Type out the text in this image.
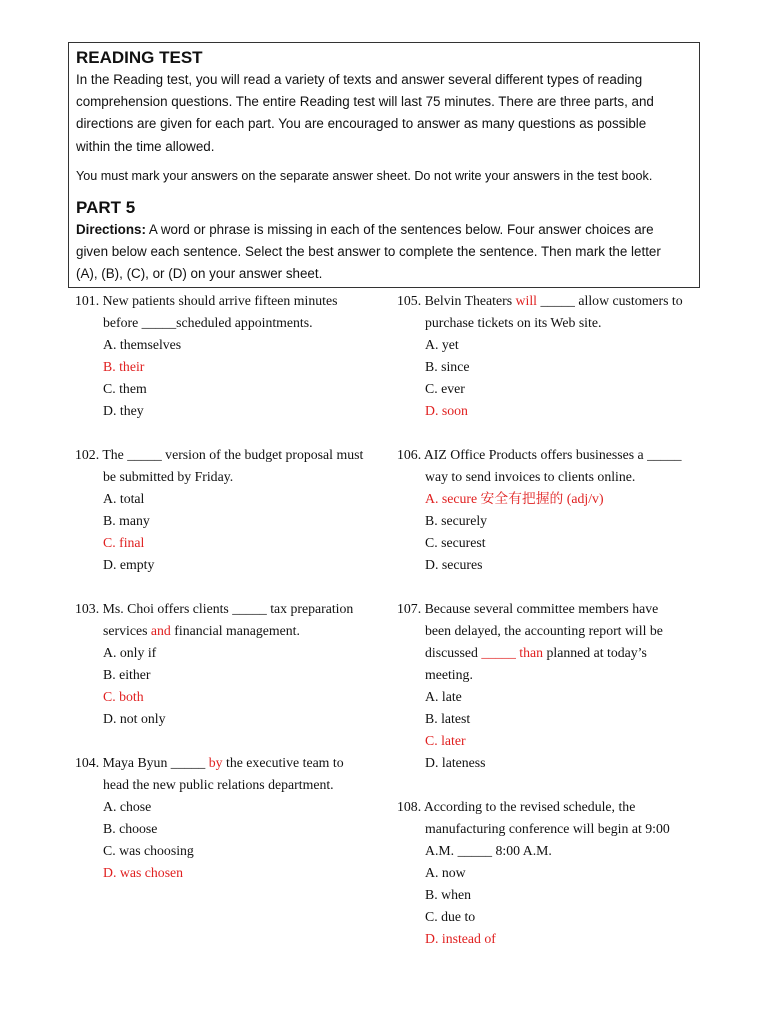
READING TEST
In the Reading test, you will read a variety of texts and answer several different types of reading
comprehension questions. The entire Reading test will last 75 minutes. There are three parts, and
directions are given for each part. You are encouraged to answer as many questions as possible
within the time allowed.
You must mark your answers on the separate answer sheet. Do not write your answers in the test book.
PART 5
Directions: A word or phrase is missing in each of the sentences below. Four answer choices are
given below each sentence. Select the best answer to complete the sentence. Then mark the letter
(A), (B), (C), or (D) on your answer sheet.
101. New patients should arrive fifteen minutes
before _____scheduled appointments.
A. themselves
B. their
C. them
D. they
102. The _____ version of the budget proposal must
be submitted by Friday.
A. total
B. many
C. final
D. empty
103. Ms. Choi offers clients _____ tax preparation
services and financial management.
A. only if
B. either
C. both
D. not only
104. Maya Byun _____ by the executive team to
head the new public relations department.
A. chose
B. choose
C. was choosing
D. was chosen
105. Belvin Theaters will _____ allow customers to
purchase tickets on its Web site.
A. yet
B. since
C. ever
D. soon
106. AIZ Office Products offers businesses a _____
way to send invoices to clients online.
A. secure 安全有把握的 (adj/v)
B. securely
C. securest
D. secures
107. Because several committee members have
been delayed, the accounting report will be
discussed _____ than planned at today’s
meeting.
A. late
B. latest
C. later
D. lateness
108. According to the revised schedule, the
manufacturing conference will begin at 9:00
A.M. _____ 8:00 A.M.
A. now
B. when
C. due to
D. instead of
